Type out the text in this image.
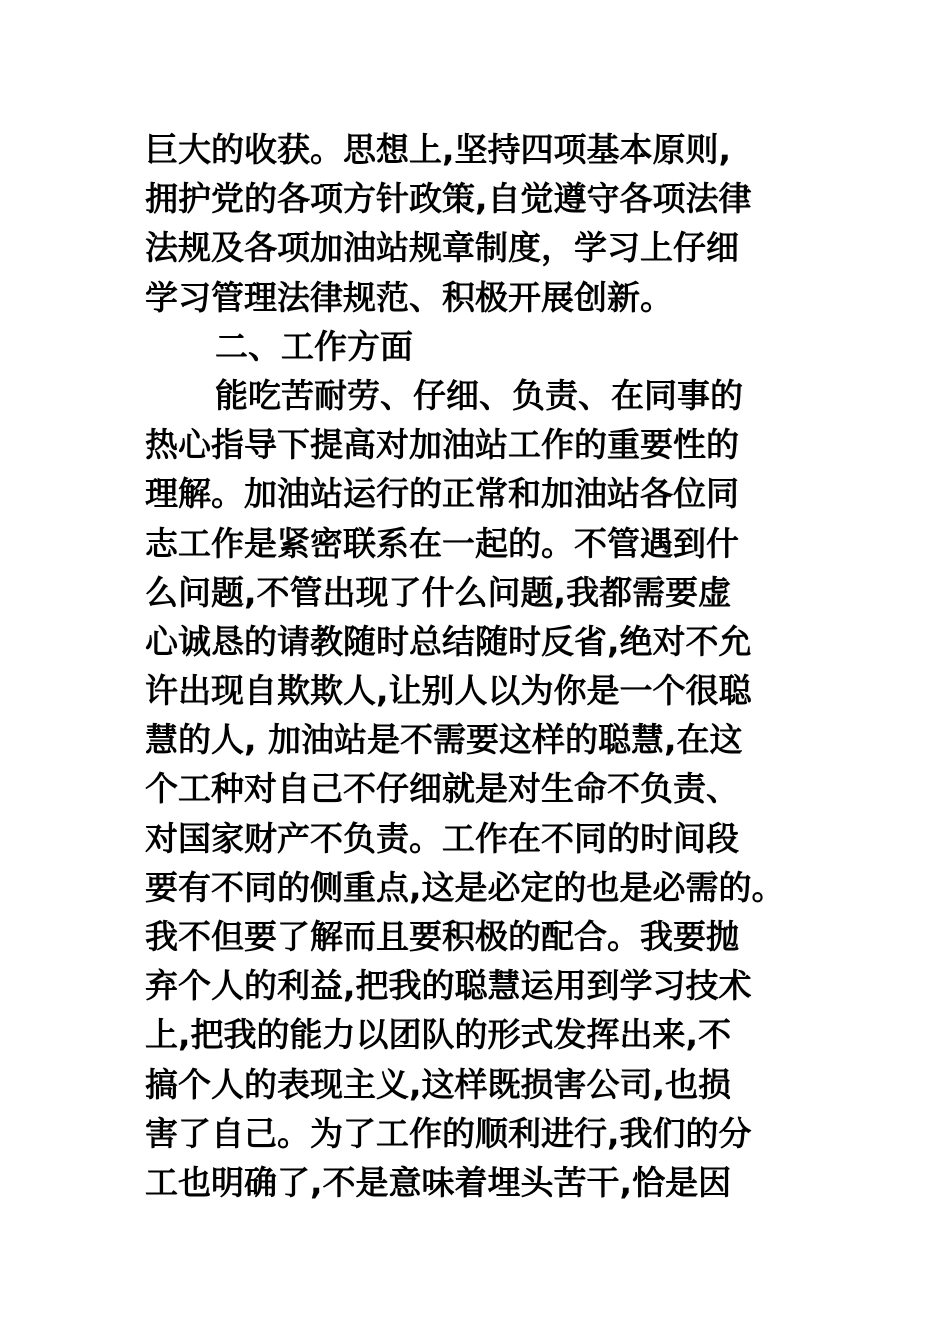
巨大的收获。思想上,坚持四项基本原则,
拥护党的各项方针政策,自觉遵守各项法律
法规及各项加油站规章制度，学习上仔细
学习管理法律规范、积极开展创新。
二、工作方面
能吃苦耐劳、仔细、负责、在同事的
热心指导下提高对加油站工作的重要性的
理解。加油站运行的正常和加油站各位同
志工作是紧密联系在一起的。不管遇到什
么问题,不管出现了什么问题,我都需要虚
心诚恳的请教随时总结随时反省,绝对不允
许出现自欺欺人,让别人以为你是一个很聪
慧的人, 加油站是不需要这样的聪慧,在这
个工种对自己不仔细就是对生命不负责、
对国家财产不负责。工作在不同的时间段
要有不同的侧重点,这是必定的也是必需的。
我不但要了解而且要积极的配合。我要抛
弃个人的利益,把我的聪慧运用到学习技术
上,把我的能力以团队的形式发挥出来,不
搞个人的表现主义,这样既损害公司,也损
害了自己。为了工作的顺利进行,我们的分
工也明确了,不是意味着埋头苦干,恰是因
